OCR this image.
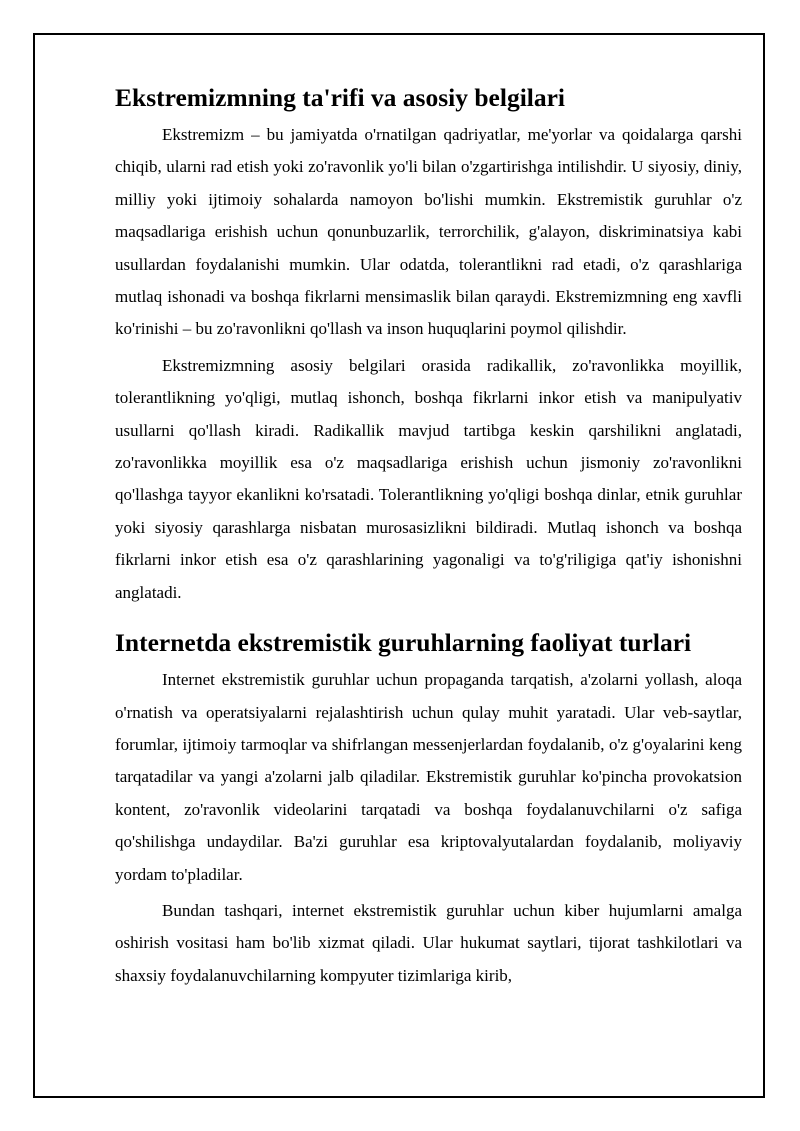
Ekstremizmning ta'rifi va asosiy belgilari

Ekstremizm – bu jamiyatda o'rnatilgan qadriyatlar, me'yorlar va qoidalarga qarshi chiqib, ularni rad etish yoki zo'ravonlik yo'li bilan o'zgartirishga intilishdir. U siyosiy, diniy, milliy yoki ijtimoiy sohalarda namoyon bo'lishi mumkin. Ekstremistik guruhlar o'z maqsadlariga erishish uchun qonunbuzarlik, terrorchilik, g'alayon, diskriminatsiya kabi usullardan foydalanishi mumkin. Ular odatda, tolerantlikni rad etadi, o'z qarashlariga mutlaq ishonadi va boshqa fikrlarni mensimaslik bilan qaraydi. Ekstremizmning eng xavfli ko'rinishi – bu zo'ravonlikni qo'llash va inson huquqlarini poymol qilishdir.

Ekstremizmning asosiy belgilari orasida radikallik, zo'ravonlikka moyillik, tolerantlikning yo'qligi, mutlaq ishonch, boshqa fikrlarni inkor etish va manipulyativ usullarni qo'llash kiradi. Radikallik mavjud tartibga keskin qarshilikni anglatadi, zo'ravonlikka moyillik esa o'z maqsadlariga erishish uchun jismoniy zo'ravonlikni qo'llashga tayyor ekanlikni ko'rsatadi. Tolerantlikning yo'qligi boshqa dinlar, etnik guruhlar yoki siyosiy qarashlarga nisbatan murosasizlikni bildiradi. Mutlaq ishonch va boshqa fikrlarni inkor etish esa o'z qarashlarining yagonaligi va to'g'riligiga qat'iy ishonishni anglatadi.

Internetda ekstremistik guruhlarning faoliyat turlari

Internet ekstremistik guruhlar uchun propaganda tarqatish, a'zolarni yollash, aloqa o'rnatish va operatsiyalarni rejalashtirish uchun qulay muhit yaratadi. Ular veb-saytlar, forumlar, ijtimoiy tarmoqlar va shifrlangan messenjerlardan foydalanib, o'z g'oyalarini keng tarqatadilar va yangi a'zolarni jalb qiladilar. Ekstremistik guruhlar ko'pincha provokatsion kontent, zo'ravonlik videolarini tarqatadi va boshqa foydalanuvchilarni o'z safiga qo'shilishga undaydilar. Ba'zi guruhlar esa kriptovalyutalardan foydalanib, moliyaviy yordam to'pladilar.

Bundan tashqari, internet ekstremistik guruhlar uchun kiber hujumlarni amalga oshirish vositasi ham bo'lib xizmat qiladi. Ular hukumat saytlari, tijorat tashkilotlari va shaxsiy foydalanuvchilarning kompyuter tizimlariga kirib,
